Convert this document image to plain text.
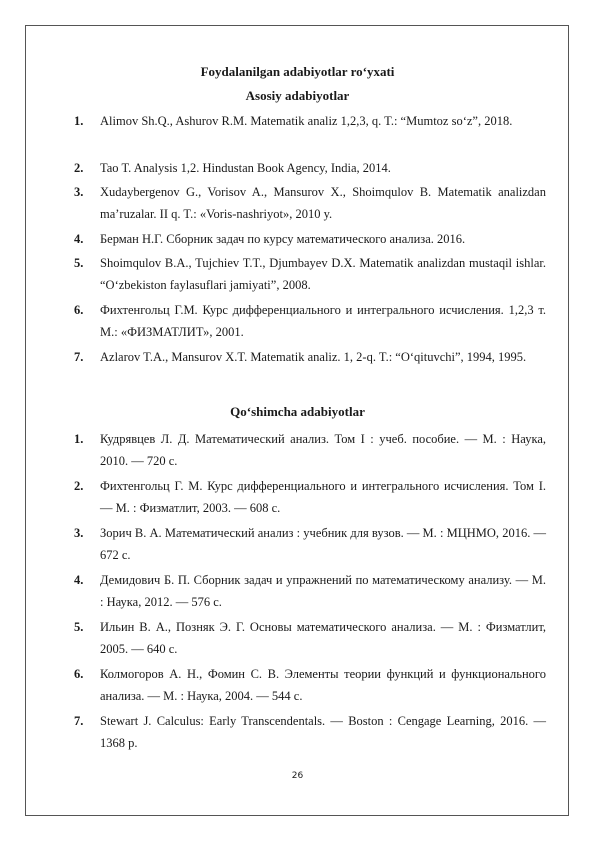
Foydalanilgan adabiyotlar ro‘yxati
Asosiy adabiyotlar
1. Alimov Sh.Q., Ashurov R.M. Matematik analiz 1,2,3, q. T.: “Mumtoz so‘z”, 2018.
2. Tao T. Analysis 1,2. Hindustan Book Agency, India, 2014.
3. Xudaybergenov G., Vorisov A., Mansurov X., Shoimqulov B. Matematik analizdan ma’ruzalar. II q. T.: «Voris-nashriyot», 2010 y.
4. Берман Н.Г. Сборник задач по курсу математического анализа. 2016.
5. Shoimqulov B.A., Tujchiev T.T., Djumbayev D.X. Matematik analizdan mustaqil ishlar. “O‘zbekiston faylasuflari jamiyati”, 2008.
6. Фихтенгольц Г.М. Курс дифференциального и интегрального исчисления. 1,2,3 т. М.: «ФИЗМАТЛИТ», 2001.
7. Azlarov T.A., Mansurov X.T. Matematik analiz. 1, 2-q. T.: “O‘qituvchi”, 1994, 1995.
Qo‘shimcha adabiyotlar
1. Кудрявцев Л. Д. Математический анализ. Том I : учеб. пособие. — М. : Наука, 2010. — 720 с.
2. Фихтенгольц Г. М. Курс дифференциального и интегрального исчисления. Том I. — М. : Физматлит, 2003. — 608 с.
3. Зорич В. А. Математический анализ : учебник для вузов. — М. : МЦНМО, 2016. — 672 с.
4. Демидович Б. П. Сборник задач и упражнений по математическому анализу. — М. : Наука, 2012. — 576 с.
5. Ильин В. А., Позняк Э. Г. Основы математического анализа. — М. : Физматлит, 2005. — 640 с.
6. Колмогоров А. Н., Фомин С. В. Элементы теории функций и функционального анализа. — М. : Наука, 2004. — 544 с.
7. Stewart J. Calculus: Early Transcendentals. — Boston : Cengage Learning, 2016. — 1368 p.
26
